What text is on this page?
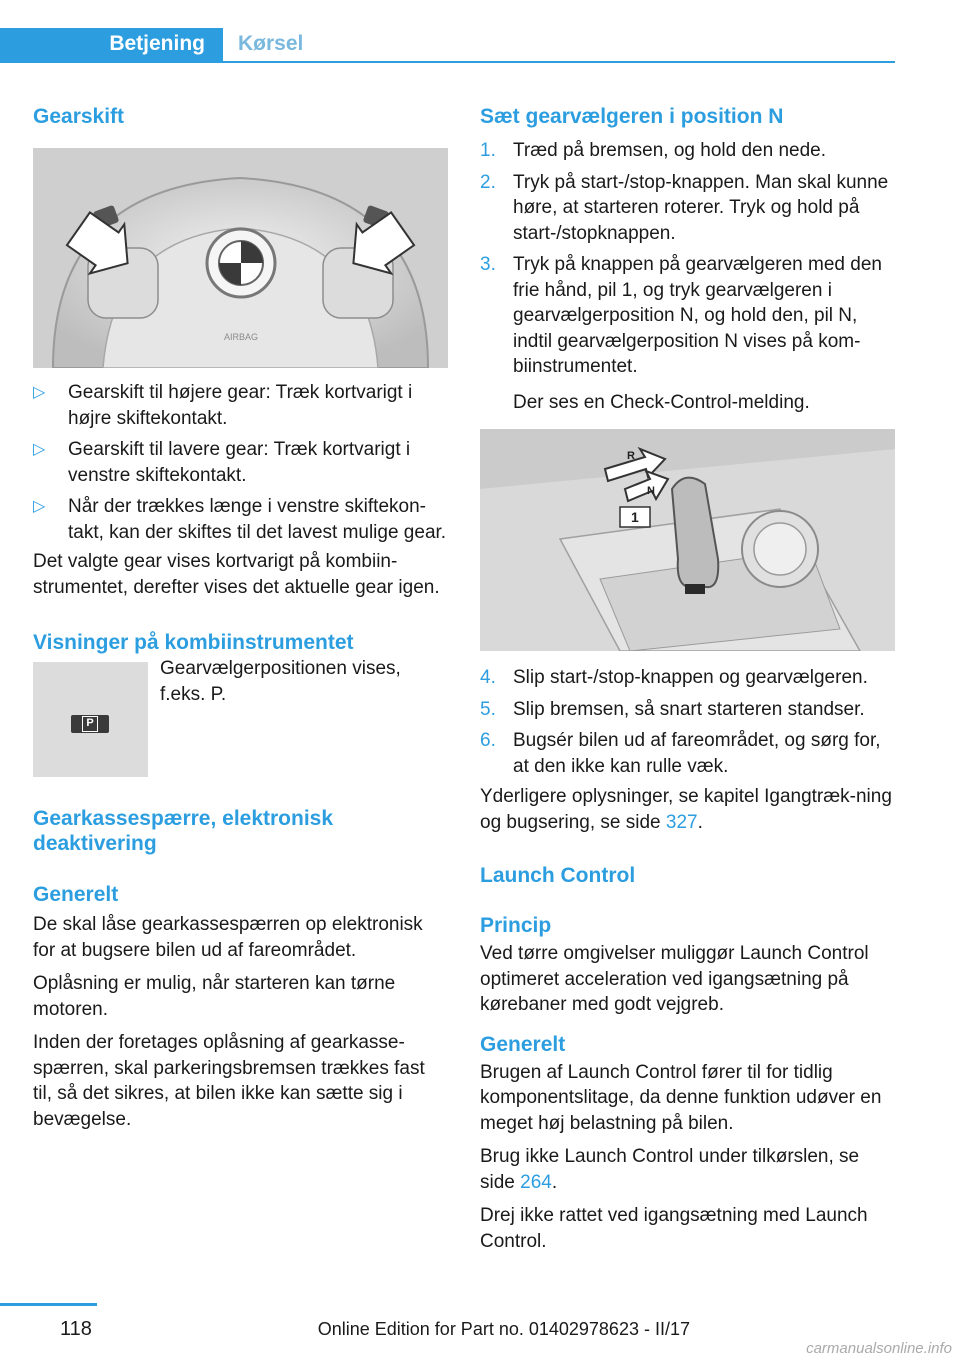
Betjening	Kørsel
Gearskift
AIRBAG
▷ Gearskift til højere gear: Træk kortvarigt i højre skiftekontakt.
▷ Gearskift til lavere gear: Træk kortvarigt i venstre skiftekontakt.
▷ Når der trækkes længe i venstre skiftekon‐takt, kan der skiftes til det lavest mulige gear.

Det valgte gear vises kortvarigt på kombiin‐strumentet, derefter vises det aktuelle gear igen.

Visninger på kombiinstrumentet
P

Gearvælgerpositionen vises, f.eks. P.

Gearkassespærre, elektronisk deaktivering
Generelt

De skal låse gearkassespærren op elektronisk for at bugsere bilen ud af fareområdet.

Oplåsning er mulig, når starteren kan tørne motoren.

Inden der foretages oplåsning af gearkasse‐spærren, skal parkeringsbremsen trækkes fast til, så det sikres, at bilen ikke kan sætte sig i bevægelse.

Sæt gearvælgeren i position N
1. Træd på bremsen, og hold den nede.
2. Tryk på start-/stop-knappen. Man skal kunne høre, at starteren roterer. Tryk og hold på start-/stopknappen.
3. Tryk på knappen på gearvælgeren med den frie hånd, pil 1, og tryk gearvælgeren i gearvælgerposition N, og hold den, pil N, indtil gearvælgerposition N vises på kom‐biinstrumentet.
Der ses en Check-Control-melding.
R
N
1
4. Slip start-/stop-knappen og gearvælgeren.
5. Slip bremsen, så snart starteren standser.
6. Bugsér bilen ud af fareområdet, og sørg for, at den ikke kan rulle væk.

Yderligere oplysninger, se kapitel Igangtræk‐ning og bugsering, se side 327.

Launch Control
Princip

Ved tørre omgivelser muliggør Launch Control optimeret acceleration ved igangsætning på kørebaner med godt vejgreb.

Generelt

Brugen af Launch Control fører til for tidlig komponentslitage, da denne funktion udøver en meget høj belastning på bilen.

Brug ikke Launch Control under tilkørslen, se side 264.

Drej ikke rattet ved igangsætning med Launch Control.

118	Online Edition for Part no. 01402978623 - II/17
carmanualsonline.info
